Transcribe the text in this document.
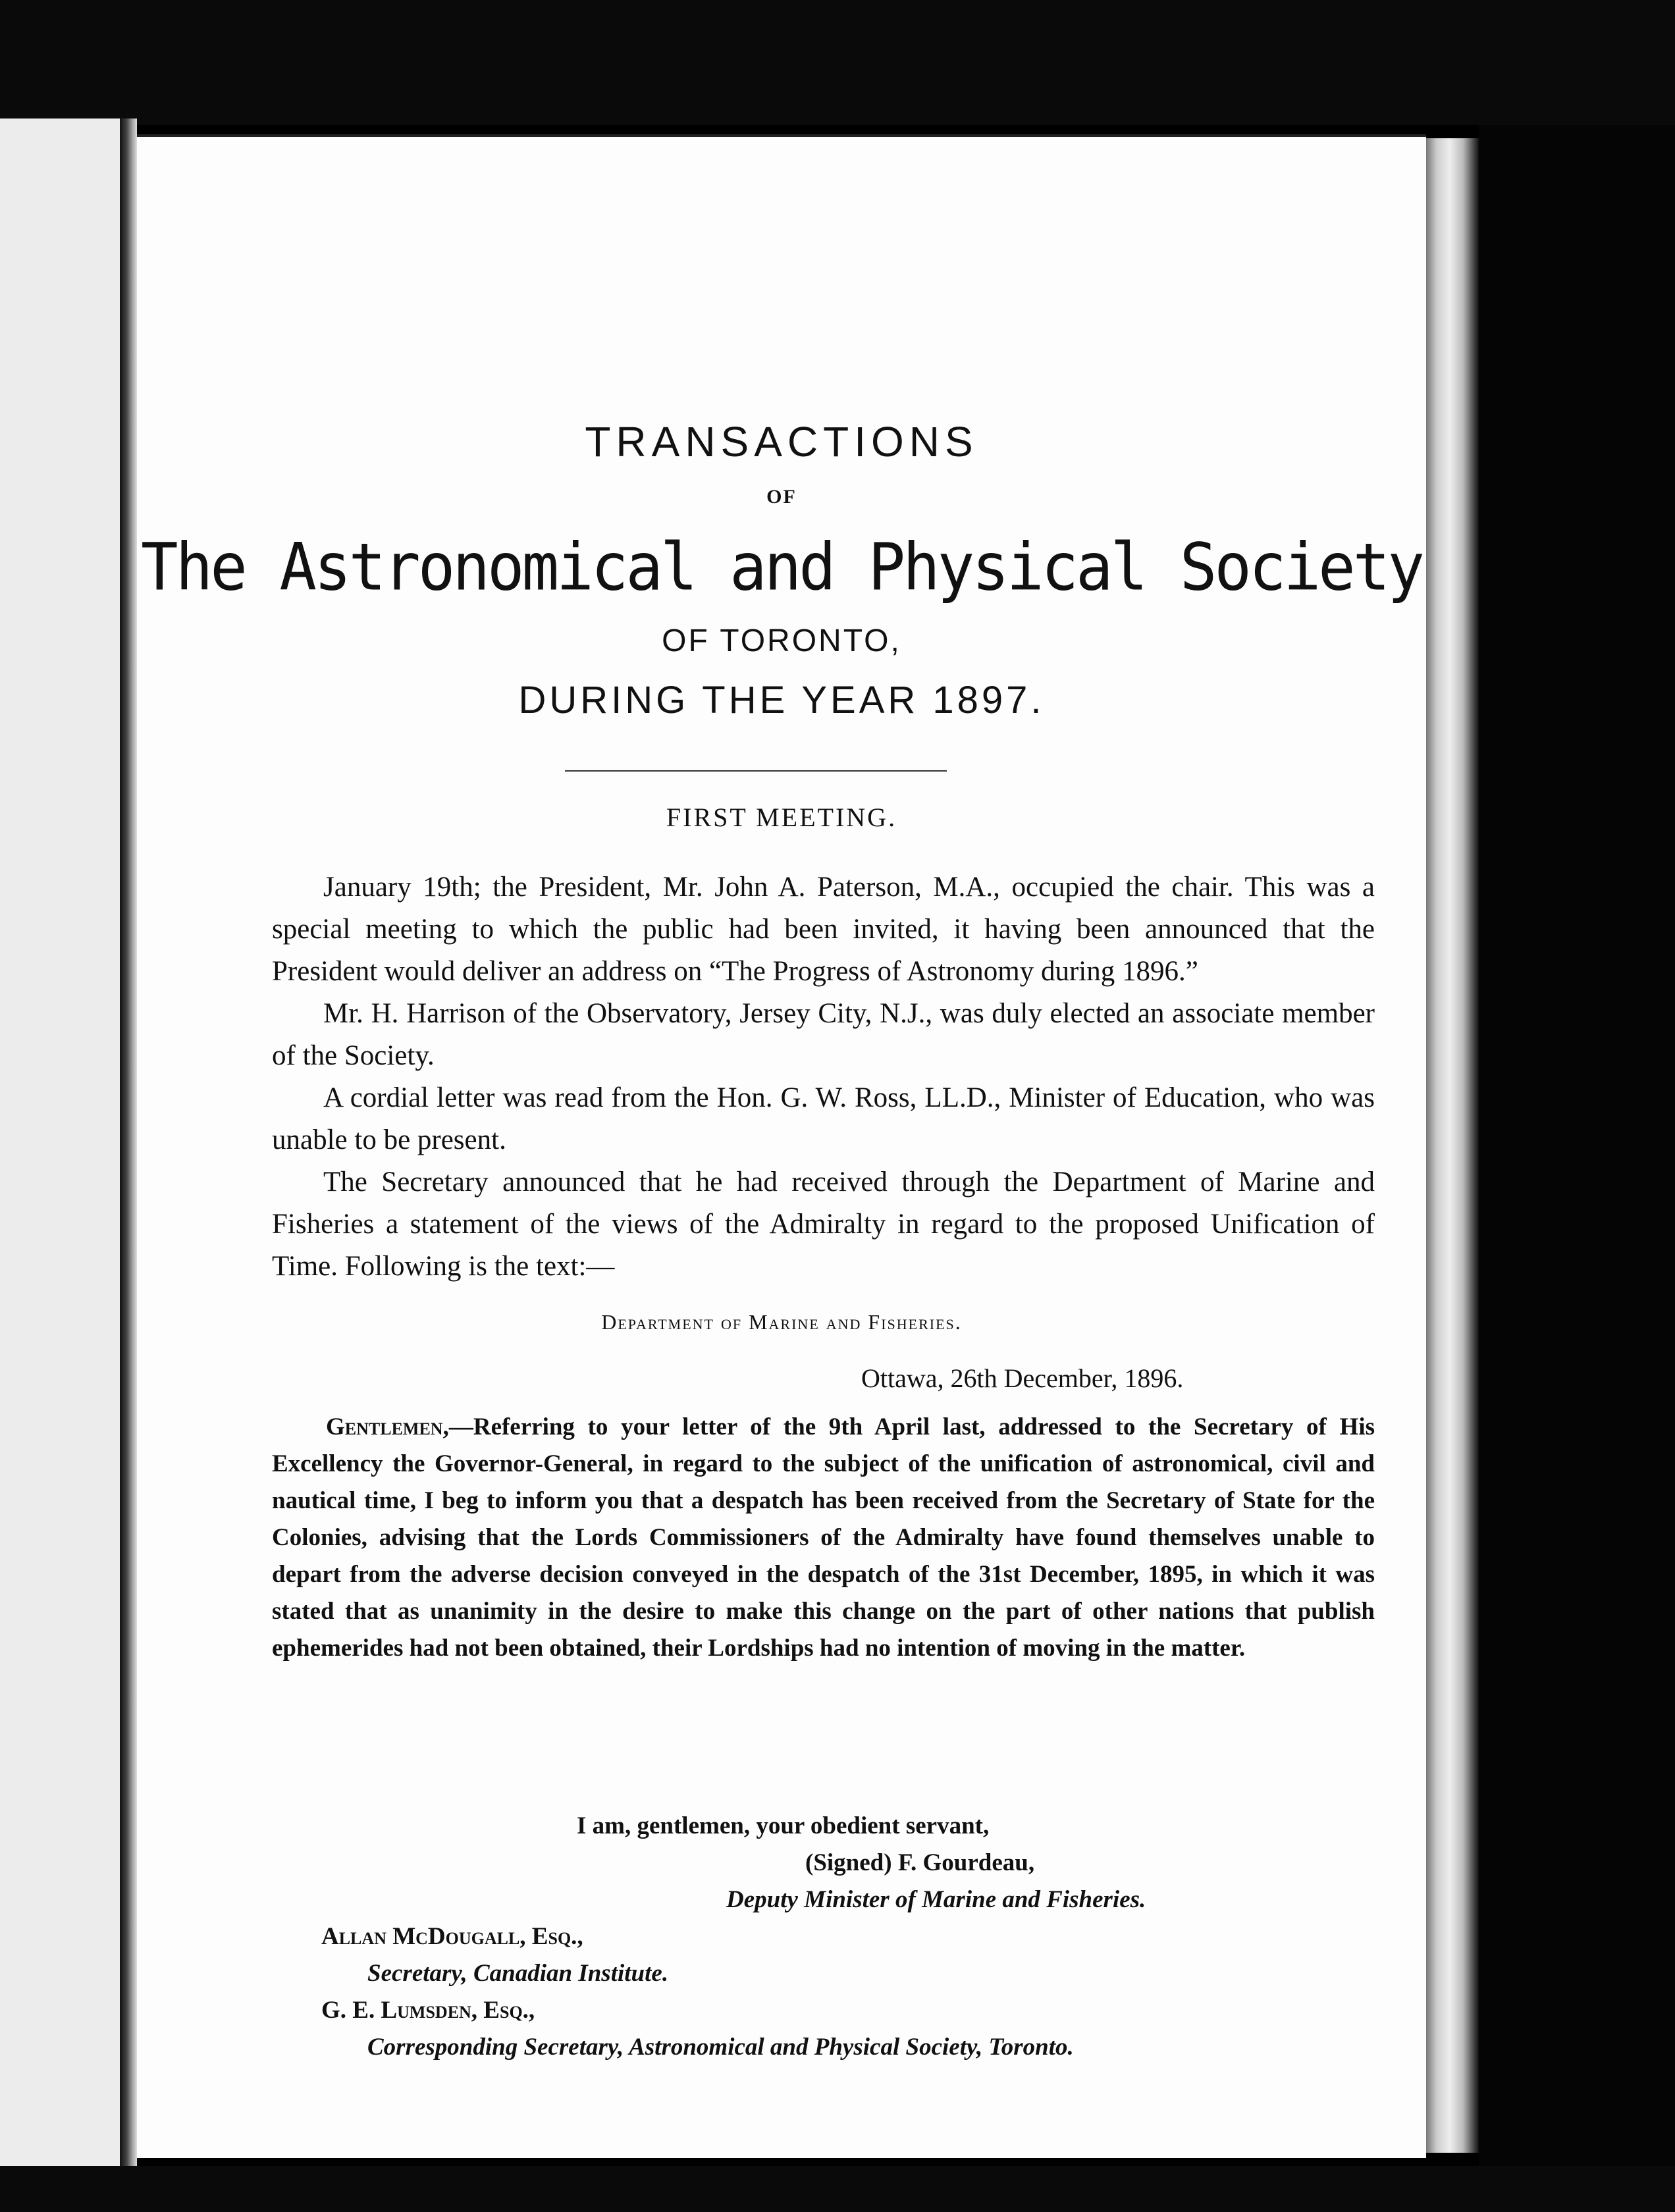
TRANSACTIONS
OF
The Astronomical and Physical Society
OF TORONTO,
DURING THE YEAR 1897.
FIRST MEETING.

January 19th; the President, Mr. John A. Paterson, M.A., occupied the chair. This was a special meeting to which the public had been invited, it having been announced that the President would deliver an address on “The Progress of Astronomy during 1896.”

Mr. H. Harrison of the Observatory, Jersey City, N.J., was duly elected an associate member of the Society.

A cordial letter was read from the Hon. G. W. Ross, LL.D., Minister of Education, who was unable to be present.

The Secretary announced that he had received through the Department of Marine and Fisheries a statement of the views of the Admiralty in regard to the proposed Unification of Time. Following is the text:—

Department of Marine and Fisheries.
Ottawa, 26th December, 1896.

Gentlemen,—Referring to your letter of the 9th April last, addressed to the Secretary of His Excellency the Governor-General, in regard to the subject of the unification of astronomical, civil and nautical time, I beg to inform you that a despatch has been received from the Secretary of State for the Colonies, advising that the Lords Commissioners of the Admiralty have found themselves unable to depart from the adverse decision conveyed in the despatch of the 31st December, 1895, in which it was stated that as unanimity in the desire to make this change on the part of other nations that publish ephemerides had not been obtained, their Lordships had no intention of moving in the matter.

I am, gentlemen, your obedient servant,
(Signed) F. Gourdeau,
Deputy Minister of Marine and Fisheries.
Allan McDougall, Esq.,
Secretary, Canadian Institute.
G. E. Lumsden, Esq.,
Corresponding Secretary, Astronomical and Physical Society, Toronto.
